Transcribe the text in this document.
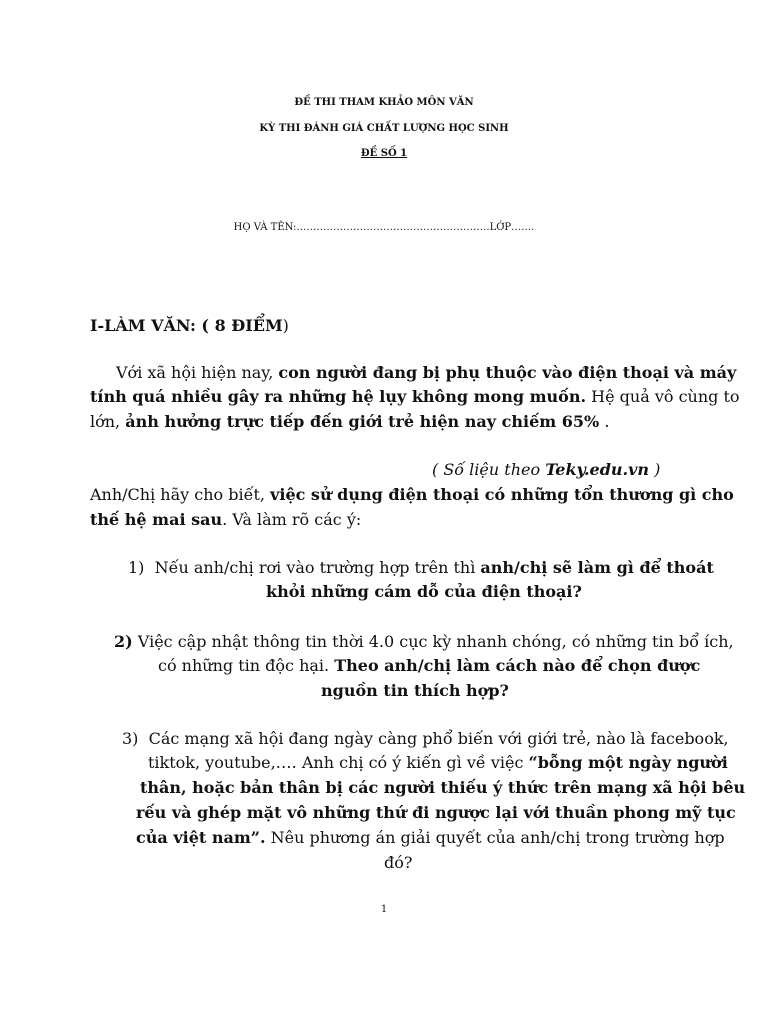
ĐỀ THI THAM KHẢO MÔN VĂN
KỲ THI ĐÁNH GIÁ CHẤT LƯỢNG HỌC SINH
ĐỀ SỐ 1
HỌ VÀ TÊN:………………………………………………….LỚP…….
I-LÀM VĂN: ( 8 ĐIỂM)
Với xã hội hiện nay, con người đang bị phụ thuộc vào điện thoại và máy
tính quá nhiều gây ra những hệ lụy không mong muốn. Hệ quả vô cùng to
lớn, ảnh hưởng trực tiếp đến giới trẻ hiện nay chiếm 65% .
( Số liệu theo Teky.edu.vn )
Anh/Chị hãy cho biết, việc sử dụng điện thoại có những tổn thương gì cho
thế hệ mai sau. Và làm rõ các ý:
1) Nếu anh/chị rơi vào trường hợp trên thì anh/chị sẽ làm gì để thoát
khỏi những cám dỗ của điện thoại?
2) Việc cập nhật thông tin thời 4.0 cục kỳ nhanh chóng, có những tin bổ ích,
có những tin độc hại. Theo anh/chị làm cách nào để chọn được
nguồn tin thích hợp?
3) Các mạng xã hội đang ngày càng phổ biến với giới trẻ, nào là facebook,
tiktok, youtube,…. Anh chị có ý kiến gì về việc “bỗng một ngày người
thân, hoặc bản thân bị các người thiếu ý thức trên mạng xã hội bêu
rếu và ghép mặt vô những thứ đi ngược lại với thuần phong mỹ tục
của việt nam”. Nêu phương án giải quyết của anh/chị trong trường hợp
đó?
1
